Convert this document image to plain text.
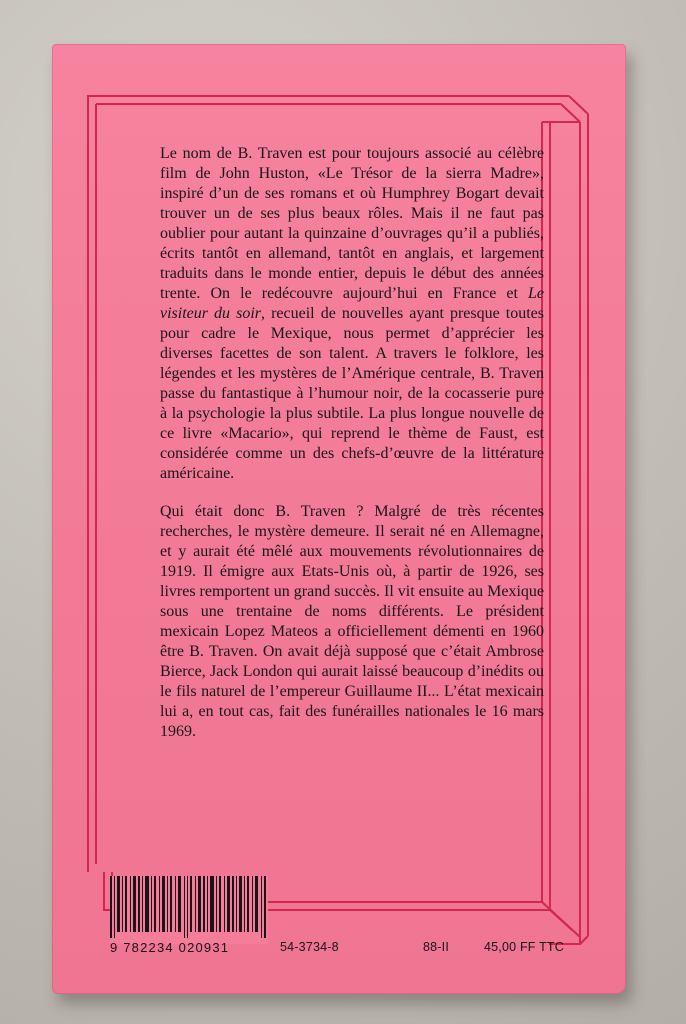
Le nom de B. Traven est pour toujours associé au célèbre film de John Huston, «Le Trésor de la sierra Madre», inspiré d’un de ses romans et où Humphrey Bogart devait trouver un de ses plus beaux rôles. Mais il ne faut pas oublier pour autant la quinzaine d’ouvrages qu’il a publiés, écrits tantôt en allemand, tantôt en anglais, et largement traduits dans le monde entier, depuis le début des années trente. On le redécouvre aujourd’hui en France et Le visiteur du soir, recueil de nouvelles ayant presque toutes pour cadre le Mexique, nous permet d’apprécier les diverses facettes de son talent. A travers le folklore, les légendes et les mystères de l’Amérique centrale, B. Traven passe du fantastique à l’humour noir, de la cocasserie pure à la psychologie la plus subtile. La plus longue nouvelle de ce livre «Macario», qui reprend le thème de Faust, est considérée comme un des chefs-d’œuvre de la littérature américaine.

Qui était donc B. Traven ? Malgré de très récentes recherches, le mystère demeure. Il serait né en Allemagne, et y aurait été mêlé aux mouvements révolutionnaires de 1919. Il émigre aux Etats-Unis où, à partir de 1926, ses livres remportent un grand succès. Il vit ensuite au Mexique sous une trentaine de noms différents. Le président mexicain Lopez Mateos a officiellement démenti en 1960 être B. Traven. On avait déjà supposé que c’était Ambrose Bierce, Jack London qui aurait laissé beaucoup d’inédits ou le fils naturel de l’empereur Guillaume II... L’état mexicain lui a, en tout cas, fait des funérailles nationales le 16 mars 1969.

9 782234 020931	54-3734-8	88-II	45,00 FF TTC
